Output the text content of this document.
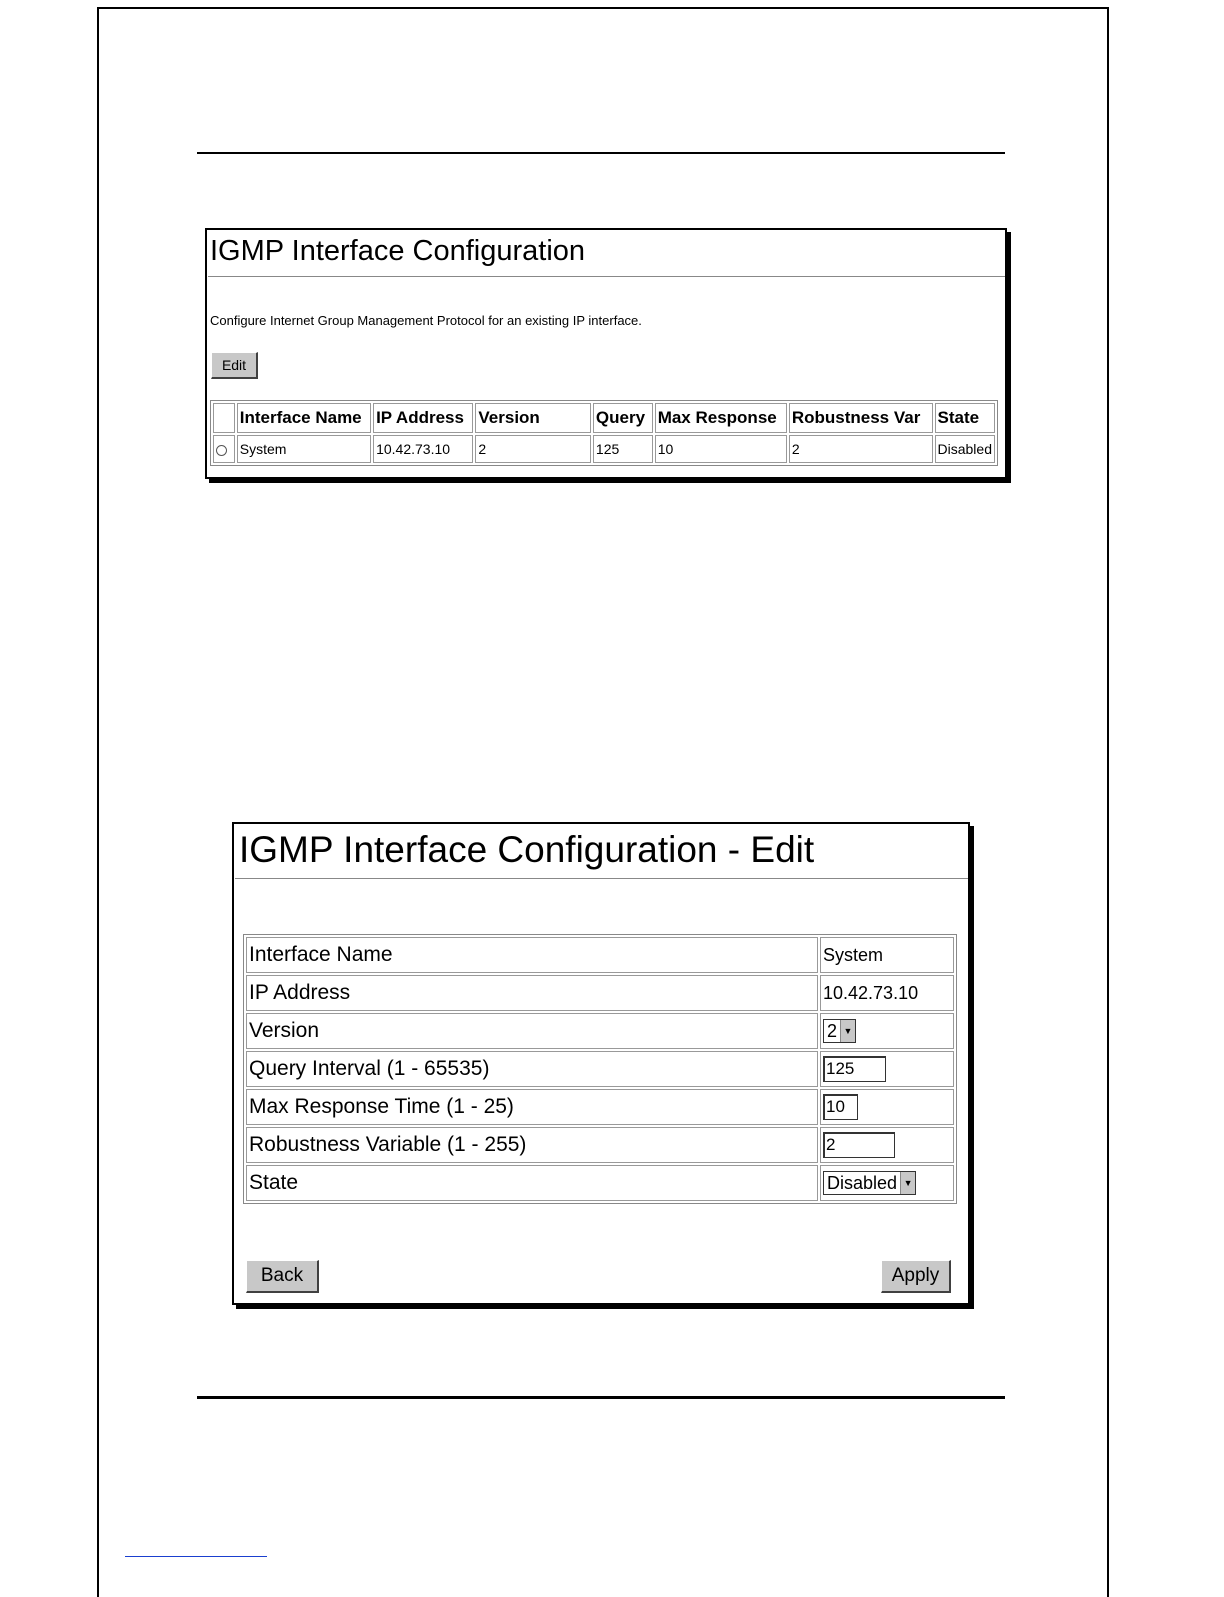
IGMP Interface Configuration
Configure Internet Group Management Protocol for an existing IP interface.
Edit
	Interface Name	IP Address	Version	Query	Max Response	Robustness Var	State
	System	10.42.73.10	2	125	10	2	Disabled
IGMP Interface Configuration - Edit
Interface Name	System
IP Address	10.42.73.10
Version	2 ▼

Query Interval (1 - 65535)	125
Max Response Time (1 - 25)	10
Robustness Variable (1 - 255)	2
State	Disabled ▼
Back	Apply
